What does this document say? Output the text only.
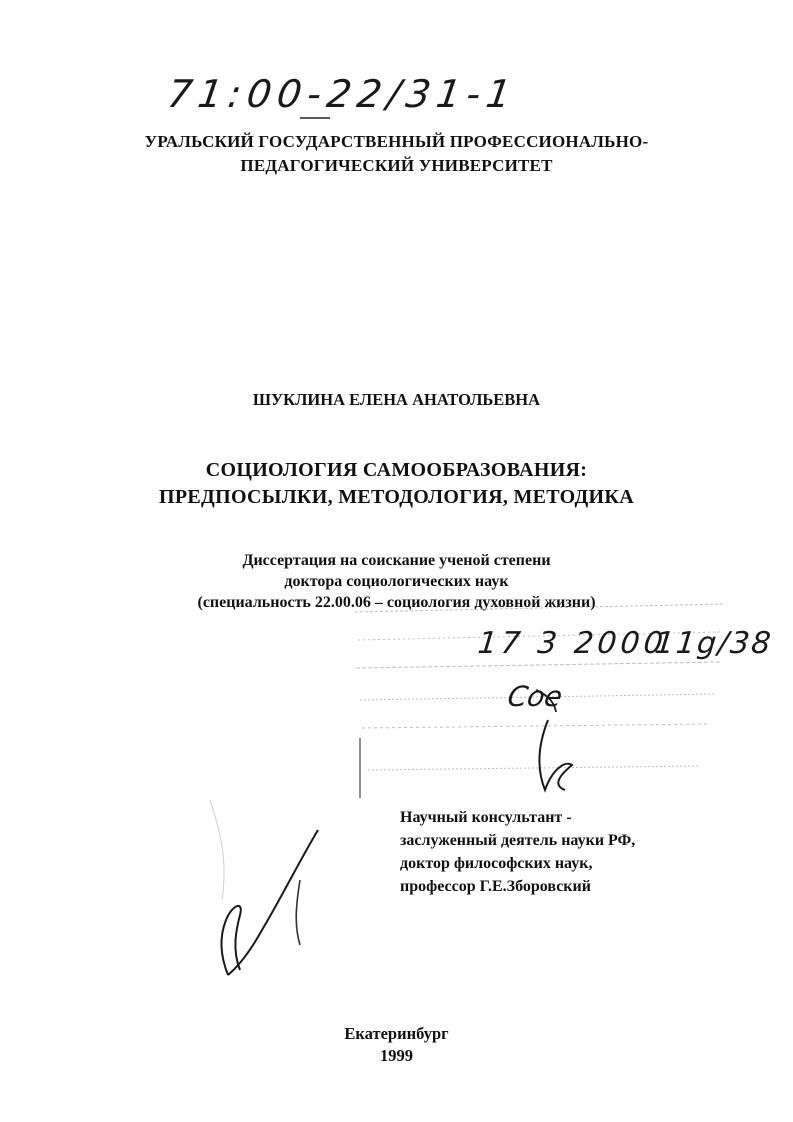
71:00-22/31-1
УРАЛЬСКИЙ ГОСУДАРСТВЕННЫЙ ПРОФЕССИОНАЛЬНО-
ПЕДАГОГИЧЕСКИЙ УНИВЕРСИТЕТ
ШУКЛИНА ЕЛЕНА АНАТОЛЬЕВНА
СОЦИОЛОГИЯ САМООБРАЗОВАНИЯ:
ПРЕДПОСЫЛКИ, МЕТОДОЛОГИЯ, МЕТОДИКА
Диссертация на соискание ученой степени
доктора социологических наук
(специальность 22.00.06 – социология духовной жизни)
17 3 2000
11g/38
Сое
Научный консультант -
заслуженный деятель науки РФ,
доктор философских наук,
профессор Г.Е.Зборовский
Екатеринбург
1999
